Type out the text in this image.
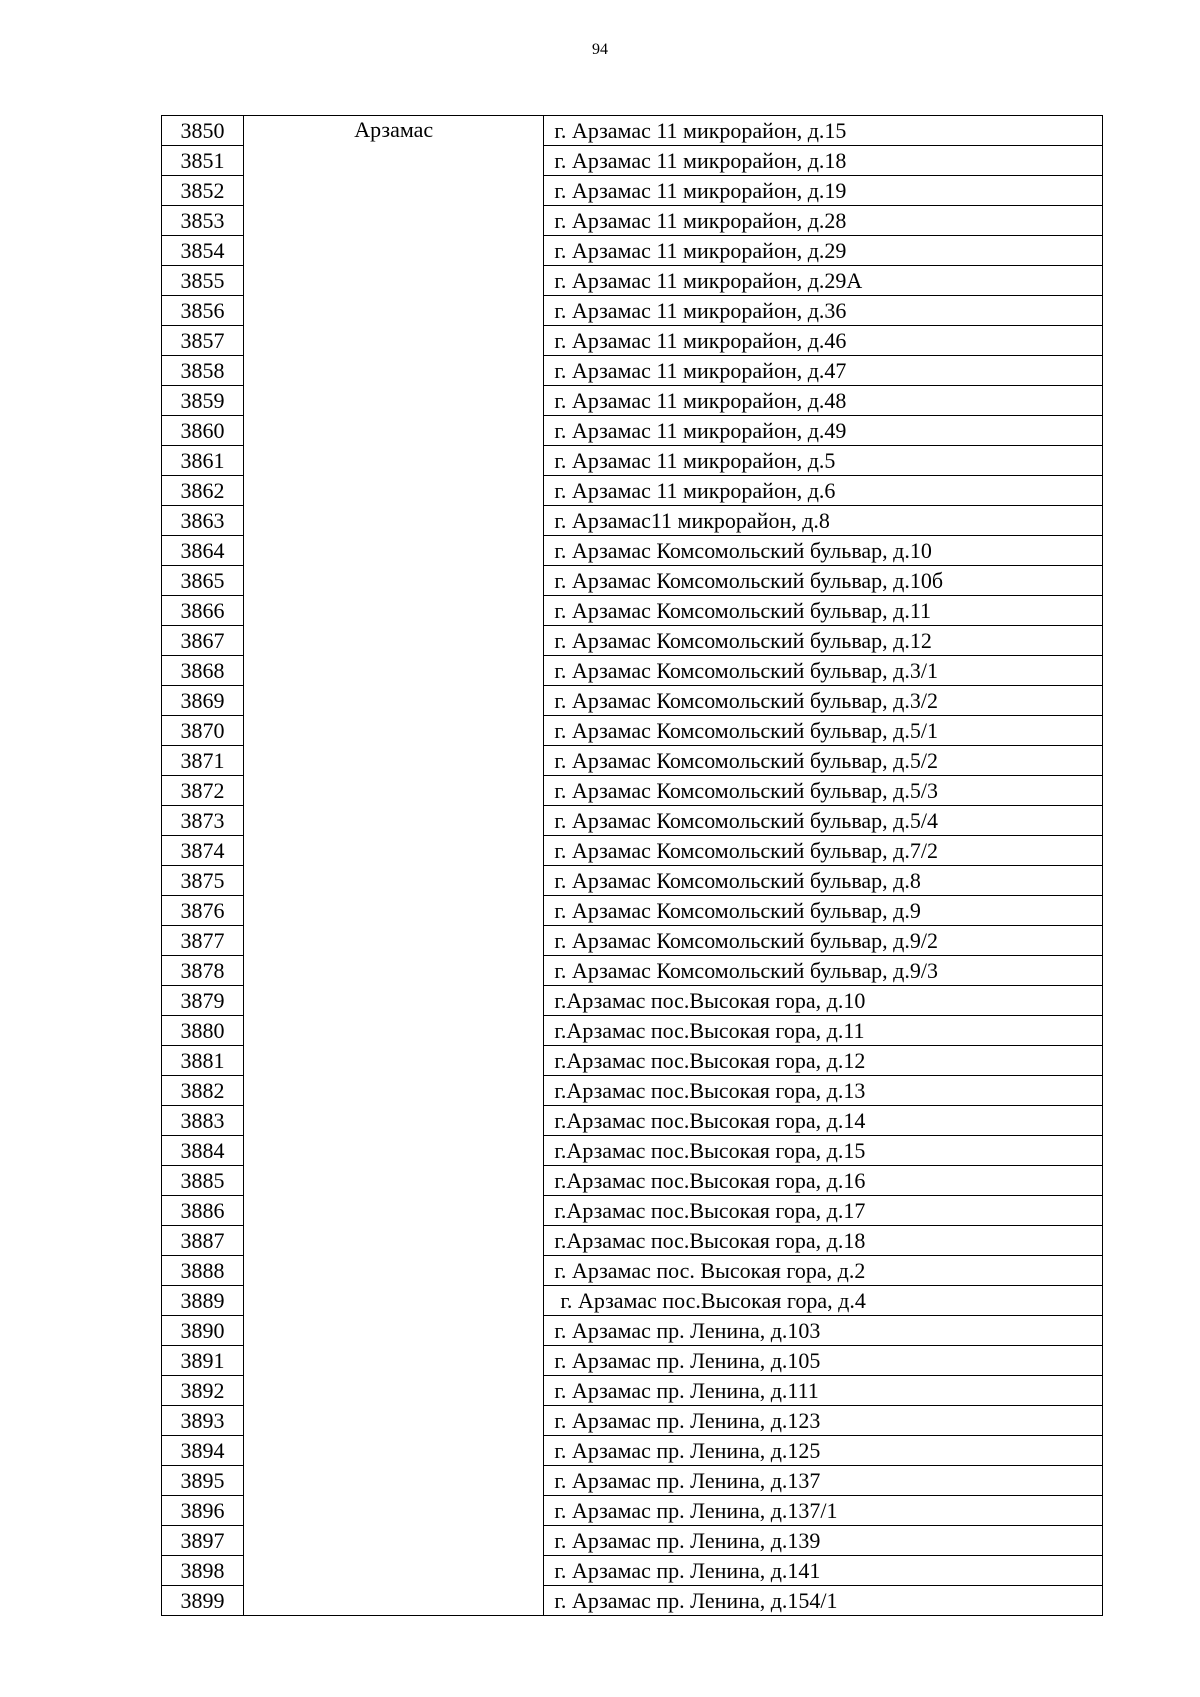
94
3850	Арзамас	г. Арзамас 11 микрорайон, д.15
3851		г. Арзамас 11 микрорайон, д.18
3852		г. Арзамас 11 микрорайон, д.19
3853		г. Арзамас 11 микрорайон, д.28
3854		г. Арзамас 11 микрорайон, д.29
3855		г. Арзамас 11 микрорайон, д.29А
3856		г. Арзамас 11 микрорайон, д.36
3857		г. Арзамас 11 микрорайон, д.46
3858		г. Арзамас 11 микрорайон, д.47
3859		г. Арзамас 11 микрорайон, д.48
3860		г. Арзамас 11 микрорайон, д.49
3861		г. Арзамас 11 микрорайон, д.5
3862		г. Арзамас 11 микрорайон, д.6
3863		г. Арзамас11 микрорайон, д.8
3864		г. Арзамас Комсомольский бульвар, д.10
3865		г. Арзамас Комсомольский бульвар, д.10б
3866		г. Арзамас Комсомольский бульвар, д.11
3867		г. Арзамас Комсомольский бульвар, д.12
3868		г. Арзамас Комсомольский бульвар, д.3/1
3869		г. Арзамас Комсомольский бульвар, д.3/2
3870		г. Арзамас Комсомольский бульвар, д.5/1
3871		г. Арзамас Комсомольский бульвар, д.5/2
3872		г. Арзамас Комсомольский бульвар, д.5/3
3873		г. Арзамас Комсомольский бульвар, д.5/4
3874		г. Арзамас Комсомольский бульвар, д.7/2
3875		г. Арзамас Комсомольский бульвар, д.8
3876		г. Арзамас Комсомольский бульвар, д.9
3877		г. Арзамас Комсомольский бульвар, д.9/2
3878		г. Арзамас Комсомольский бульвар, д.9/3
3879		г.Арзамас пос.Высокая гора, д.10
3880		г.Арзамас пос.Высокая гора, д.11
3881		г.Арзамас пос.Высокая гора, д.12
3882		г.Арзамас пос.Высокая гора, д.13
3883		г.Арзамас пос.Высокая гора, д.14
3884		г.Арзамас пос.Высокая гора, д.15
3885		г.Арзамас пос.Высокая гора, д.16
3886		г.Арзамас пос.Высокая гора, д.17
3887		г.Арзамас пос.Высокая гора, д.18
3888		г. Арзамас пос. Высокая гора, д.2
3889		г. Арзамас пос.Высокая гора, д.4
3890		г. Арзамас пр. Ленина, д.103
3891		г. Арзамас пр. Ленина, д.105
3892		г. Арзамас пр. Ленина, д.111
3893		г. Арзамас пр. Ленина, д.123
3894		г. Арзамас пр. Ленина, д.125
3895		г. Арзамас пр. Ленина, д.137
3896		г. Арзамас пр. Ленина, д.137/1
3897		г. Арзамас пр. Ленина, д.139
3898		г. Арзамас пр. Ленина, д.141
3899		г. Арзамас пр. Ленина, д.154/1
